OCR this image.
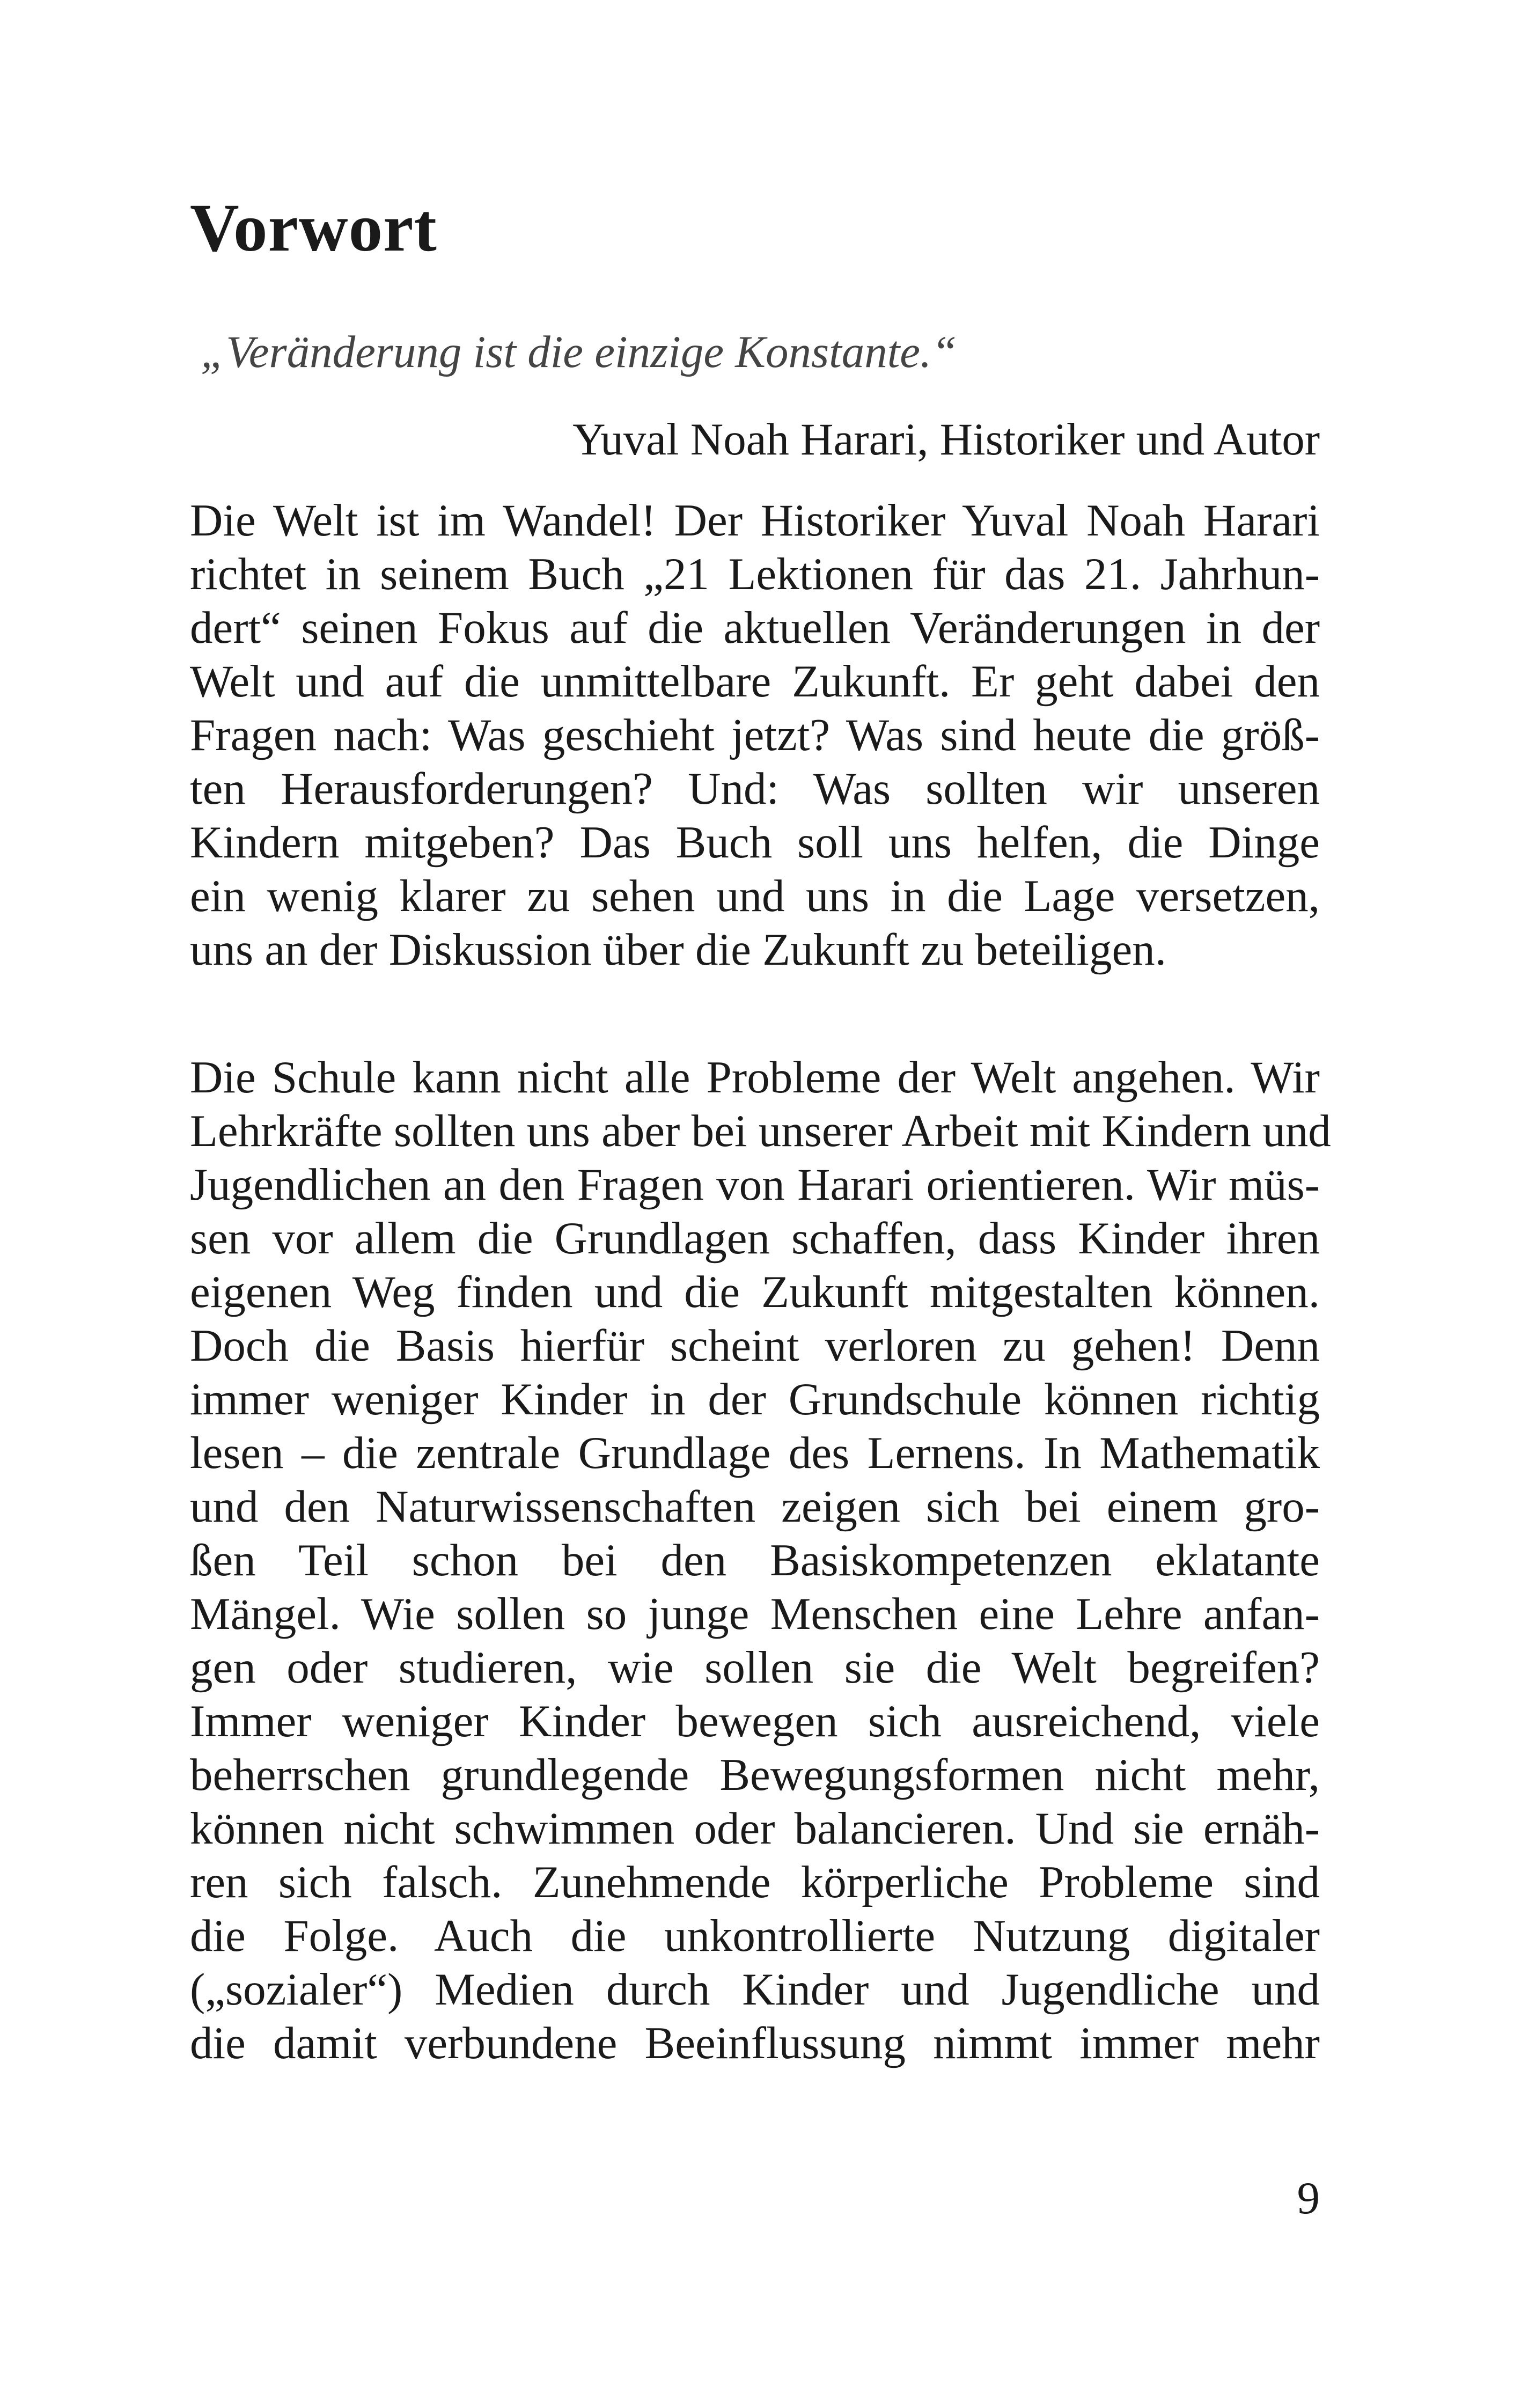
Vorwort

„Veränderung ist die einzige Konstante.“

Yuval Noah Harari, Historiker und Autor

Die Welt ist im Wandel! Der Historiker Yuval Noah Harari
richtet in seinem Buch „21 Lektionen für das 21. Jahrhun-
dert“ seinen Fokus auf die aktuellen Veränderungen in der
Welt und auf die unmittelbare Zukunft. Er geht dabei den
Fragen nach: Was geschieht jetzt? Was sind heute die größ-
ten Herausforderungen? Und: Was sollten wir unseren
Kindern mitgeben? Das Buch soll uns helfen, die Dinge
ein wenig klarer zu sehen und uns in die Lage versetzen,
uns an der Diskussion über die Zukunft zu beteiligen.

Die Schule kann nicht alle Probleme der Welt angehen. Wir
Lehrkräfte sollten uns aber bei unserer Arbeit mit Kindern und
Jugendlichen an den Fragen von Harari orientieren. Wir müs-
sen vor allem die Grundlagen schaffen, dass Kinder ihren
eigenen Weg finden und die Zukunft mitgestalten können.
Doch die Basis hierfür scheint verloren zu gehen! Denn
immer weniger Kinder in der Grundschule können richtig
lesen – die zentrale Grundlage des Lernens. In Mathematik
und den Naturwissenschaften zeigen sich bei einem gro-
ßen Teil schon bei den Basiskompetenzen eklatante
Mängel. Wie sollen so junge Menschen eine Lehre anfan-
gen oder studieren, wie sollen sie die Welt begreifen?
Immer weniger Kinder bewegen sich ausreichend, viele
beherrschen grundlegende Bewegungsformen nicht mehr,
können nicht schwimmen oder balancieren. Und sie ernäh-
ren sich falsch. Zunehmende körperliche Probleme sind
die Folge. Auch die unkontrollierte Nutzung digitaler
(„sozialer“) Medien durch Kinder und Jugendliche und
die damit verbundene Beeinflussung nimmt immer mehr

9
